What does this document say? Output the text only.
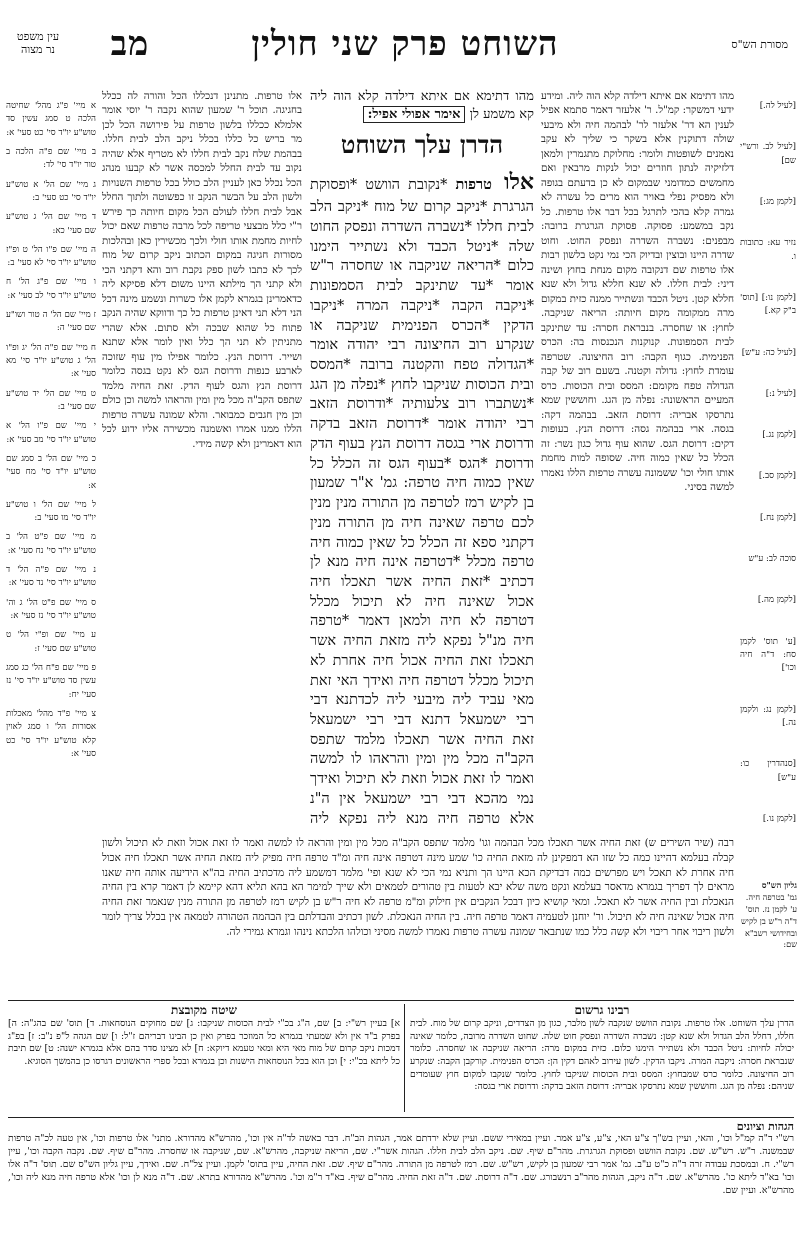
מסורת הש"ס
השוחט פרק שני חולין
מב
עין משפט נר מצוה
[לעיל לה.]
[לעיל לב. ורש"י שם]
[לקמן מג:]
נזיר עא: כתובות ו.
[לקמן נו:] [תוס' ב"ק קא.]
[לעיל כה: ע"ש]
[לעיל נ:]
[לקמן נג.]
[לקמן סב.]
[לקמן נח.]
סוכה לב: ע"ש
[לקמן מה.]
[ע' תוס' לקמן סח: ד"ה חיה וכו']
[לקמן נג: ולקמן נה.]
[סנהדרין כו: ע"ש]
[לקמן נו.]
מהו דתימא אם איתא דילדה קלא הוה ליה. ומידע ידעי דמשקר: קמ"ל. ר' אלעזר דאמר סתמא אפיל לענין הא דר' אלעזר לר' לבהמה חיה ולא מיבעי שולה דתוקנין אלא בשקר כי שליך לא עקב נאמנים לשופטות ולומר: מחלוקת מתגמרין ולמאן דלזיקיה לנתון חוזרים יכול לנקות מרבאין ואם מחמשים כמדומני שבמקום לא כן בדעתם בגופה ולא מפסיק נפלי באויר הוא מרים כל עשרה לא גמרה קלא בהכי לתרגל בכל דבר אלו טרפות. כל נקב במשמע: פסוקה. פסוקת הגרגרת ברובה: מבפנים: נשברה השדרה ונפסק החוט. וחוט שדרה היינו ובוצין ובדיוק הכי נמי נקט בלשון רבות אלו טרפות שם דנקובה מקום מנחת בחוץ ושינה דיני: לבית חללו. לא שנא חללא גדול ולא שנא חללא קטן. ניטל הכבד ונשתייר ממנה כזית במקום מרה ממקומה מקום חיותה: הריאה שניקבה. לחוץ: או שחסרה. בנבראת חסרה: עד שתינקב לבית הסמפונות. קנוקנות הנכנסות בה: הכרס הפנימית. כגוף הקבה: רוב החיצונה. שטרפה עומדת לחוץ: גדולה וקטנה. בשעם רוב של קבה הגדולה טפח מקומם: המסס ובית הכוסות. כרס המעיים הראשונה: נפלה מן הגג. וחוששין שמא נתרסקו אבריה: דרוסת הזאב. בבהמה דקה: בגסה. ארי בבהמה גסה: דרוסת הנץ. בעופות דקים: דרוסת הגס. שהוא עוף גדול כגון נשר: זה הכלל כל שאין כמוה חיה. שסופה למות מחמת אותו חולי וכו' ששמונה עשרה טרפות הללו נאמרו למשה בסיני.
מהו דתימא אם איתא דילדה קלא הוה ליה קא משמע לן אימר אפולי אפיל:
הדרן עלך השוחט
אלו טרפות *נקובת הוושט *ופסוקת הגרגרת *ניקב קרום של מוח *ניקב הלב לבית חללו *נשברה השדרה ונפסק החוט שלה *ניטל הכבד ולא נשתייר הימנו כלום *הריאה שניקבה או שחסרה ר"ש אומר *עד שתינקב לבית הסמפונות *ניקבה הקבה *ניקבה המרה *ניקבו הדקין *הכרס הפנימית שניקבה או שנקרע רוב החיצונה רבי יהודה אומר *הגדולה טפח והקטנה ברובה *המסס ובית הכוסות שניקבו לחוץ *נפלה מן הגג *נשתברו רוב צלעותיה *ודרוסת הזאב רבי יהודה אומר *דרוסת הזאב בדקה ודרוסת ארי בגסה דרוסת הנץ בעוף הדק ודרוסת *הגס *בעוף הגס זה הכלל כל שאין כמוה חיה טרפה: גמ' א"ר שמעון בן לקיש רמז לטרפה מן התורה מנין מנין לכם טרפה שאינה חיה מן התורה מנין דקתני ספא זה הכלל כל שאין כמוה חיה טרפה מכלל *דטרפה אינה חיה מנא לן דכתיב *זאת החיה אשר תאכלו חיה אכול שאינה חיה לא תיכול מכלל דטרפה לא חיה ולמאן דאמר *טרפה חיה מנ"ל נפקא ליה מזאת החיה אשר תאכלו זאת החיה אכול חיה אחרת לא תיכול מכלל דטרפה חיה ואידך האי זאת מאי עביד ליה מיבעי ליה לכדתנא דבי רבי ישמעאל דתנא דבי רבי ישמעאל זאת החיה אשר תאכלו מלמד שתפס הקב"ה מכל מין ומין והראהו לו למשה ואמר לו זאת אכול וזאת לא תיכול ואידך נמי מהכא דבי רבי ישמעאל אין ה"נ אלא טרפה חיה מנא ליה נפקא ליה
אלו טרפות. מתנינן דנכללו הכל והורה לה ככלל בחגיגה. תוכל ר' שמעון שהוא נקבה ר' יוסי אומר אלמלא ככללו בלשון טרפות על פירושה הכל לכן מר בריש כל כללו בכלל ניקב הלב לבית חללו. בבהמת שלח נקב לבית חללו לא מטריף אלא שהיה נקוב עד לבית החלל למכסה אשר לא קבעו מנהג הכל נכלל כאן לעניין הלב כולל בכל טרפות השנויות ולשון הלב על הבשר הנקב זו כפשוטה ולתוך החלל אבל לבית חללו לעולם הכל מקום חיותה כך פירש ר"י כלל מבצעי טריפה לכל מרבה טרפות שאם יכול לחיות מחמת אותו חולי ולכך מכשירין כאן ובהלכות מסורות חגיגה במקום הכתוב ניקב קרום של מוח לכך לא כתבו לשון ספק נקבת רוב והא דקתני הכי ולא קתני הך מילתא היינו משום דלא פסיקא ליה כדאמרינן בגמרא לקמן אלו כשרות ונשמע מינה דכל הני דלא תני דאינן טרפות כל כך ודווקא שהיה הנקב פתוח כל שהוא שבכה ולא סתום. אלא שהרי מתניתין לא תני הך כלל ואין לומר אלא שתנא ושייר. דרוסת הנץ. כלומר אפילו מין עוף שזוכה לארבע כנפות ודרוסת הגס לא נקט בגסה כלומר דרוסת הנץ והגס לעוף הדק. זאת החיה מלמד שתפס הקב"ה מכל מין ומין והראהו למשה וכן כולם וכן מין חגבים כמבואר. והלא שמונה עשרה טרפות הללו ממנו אמרו ואשמנה מכשירה אליו ידוע לכל הוא דאמרינן ולא קשה מידי.
א מיי' פ"ג מהל' שחיטה הלכה ט סמג עשין סד טוש"ע יו"ד סי' כט סעי' א:
ב מיי' שם פ"ה הלכה ב טור יו"ד סי' לד:
ג מיי' שם הל' א טוש"ע יו"ד סי' כט סעי' ב:
ד מיי' שם הל' ג טוש"ע שם סעי' כא:
ה מיי' שם פ"ו הל' ט ופ"ז טוש"ע יו"ד סי' לא סעי' ב:
ו מיי' שם פ"ג הל' ח טוש"ע יו"ד סי' לב סעי' א:
ז מיי' שם הל' ה טור ושו"ע שם סעי' ה:
ח מיי' שם פ"ה הל' יג ופ"ו הל' ג טוש"ע יו"ד סי' מא סעי' א:
ט מיי' שם הל' יד טוש"ע שם סעי' ב:
י מיי' שם פ"ו הל' א טוש"ע יו"ד סי' מב סעי' א:
כ מיי' שם הל' ב סמג שם טוש"ע יו"ד סי' מח סעי' א:
ל מיי' שם הל' ו טוש"ע יו"ד סי' מו סעי' ב:
מ מיי' שם פ"ט הל' ב טוש"ע יו"ד סי' נח סעי' א:
נ מיי' שם פ"ה הל' ד טוש"ע יו"ד סי' נד סעי' א:
ס מיי' שם פ"ט הל' ג וה' טוש"ע יו"ד סי' נז סעי' א:
ע מיי' שם ופ"י הל' ט טוש"ע שם סעי' ז:
פ מיי' שם פ"ח הל' כג סמג עשין סד טוש"ע יו"ד סי' נז סעי' יח:
צ מיי' פ"ד מהל' מאכלות אסורות הל' ו סמג לאוין קלא טוש"ע יו"ד סי' כט סעי' א:
רבה (שיר השירים ש) זאת החיה אשר תאכלו מכל הבהמה וגו' מלמד שתפס הקב"ה מכל מין ומין והראה לו למשה ואמר לו זאת אכול וזאת לא תיכול ולשון קבלה בעלמא דהיינו כמה כל שזו הא דמפקינן לה מזאת החיה כו' שמע מינה דטרפה אינה חיה ומ"ד טרפה חיה מפיק ליה מזאת החיה אשר תאכלו חיה אכול חיה אחרת לא תאכל ויש מפרשים כמה דבדיקת הכא היינו הך ותניא נמי הכי לא שנא ופי' מלמד דמשמע ליה מדכתיב החיה בה"א הידיעה אותה חיה שאנו מראים לך דפריך בגמרא מדאסר בעלמא ונקט משה שלא יבא לטעות בין טהורים לטמאים ולא שייך למימר הא בהא תליא דהא קיימא לן דאמר קרא בין החיה הנאכלת ובין החיה אשר לא תאכל. ומאי קושיא כיון דבכל הנקבים אין חילוק ומ"מ טרפה לא חיה ר"ש בן לקיש רמז לטרפה מן התורה מנין שנאמר זאת החיה חיה אכול שאינה חיה לא תיכול. ור' יוחנן לטעמיה דאמר טרפה חיה. בין החיה הנאכלת. לשון דכתיב והבדלתם בין הבהמה הטהורה לטמאה אין בכלל צריך לומר ולשון ריבוי אחר ריבוי ולא קשה כלל כמו שנתבאר שמונה עשרה טרפות נאמרו למשה מסיני וכולהו הלכתא נינהו וגמרא גמירי לה.
גליון הש"ס
גמ' בטרפה חיה. ע' לקמן נז. תוס' ד"ה ר"ש בן לקיש ובחידושי רשב"א שם:
רבינו גרשום
הדרן עלך השוחט. אלו טרפות. נקובת הוושט שנקבה לשון מלבר, כגון מן הצדדים, וניקב קרום של מוח. לבית חללו, דחלל הלב הגדול ולא שנא קטן: נשברה השדרה ונפסק חוט שלה. שחוט השדרה מרובה, כלומר שאינה יכולה לחיות: ניטל הכבד ולא נשתייר הימנו כלום. כזית במקום מרה: הריאה שניקבה או שחסרה. כלומר שנבראת חסרה: ניקבה המרה. ניקבו הדקין. לשון עירוב לאהם דקין הן: הכרס הפנימית. קורקבן הקבה: שנקרע רוב החיצונה. כלומר כרס שמבחוץ: המסס ובית הכוסות שניקבו לחוץ. כלומר שנקבו למקום חוץ שעומדים שניהם: נפלה מן הגג. וחוששין שמא נתרסקו אבריה: דרוסת הזאב בדקה: ודרוסת ארי בגסה:
שיטה מקובצת
א] בעיין רש"י: ב] שם, ה"ג בכ"י לבית הכוסות שניקבו: ג] שם מחוקים הנוסחאות. ד] תוס' שם בהג"ה: ה] בפרק ב"ד אין ולא שמעתי בגמרא כל המוזכר בפרק ואין כן הבינו דבריהם ז"ל: ו] שם הגהה ל"פ נ"ב: ז] בפ"ג דמכות ניקב קרום של מוח מאי היא ומאי טעמא דיוקא: ח] לא מצינו סדר בהם אלא בגמרא ישנה: ט] שם תיבת כל ליתא בכ"י: י] וכן הוא בכל הנוסחאות הישנות וכן בגמרא ובכל ספרי הראשונים דגרסו כן בהמשך הסוגיא.
הגהות וציונים
רש"י ד"ה קמ"ל וכו', והאי, ועיין בש"ך צ"ע האי, צ"ע, צ"ע אמר. ועיין במאירי ששם. ועיין שלא ירדתם אמר, הגהות הב"ח. דבר באשה לד"ה אין וכו', מהרש"א מהדורא. מתני' אלו טרפות וכו', אין טעה לכ"ה טרפות שבמשנה. ר"ש. רש"ש. שם. נקובת הוושט ופסוקת הגרגרת. מהר"ם שיף. שם. ניקב הלב לבית חללו. הגהות אשר"י. שם, הריאה שניקבה, מהרש"א. שם, שניקבה או שחסרה. מהר"ם שיף. שם. נקבה הקבה וכו', עיין רש"י. ח. ובמסכת עבודה זרה ד"ה כ"ט ע"ב. גמ' אמר רבי שמעון בן לקיש, רש"ש. שם. רמז לטרפה מן התורה. מהר"ם שיף. שם. זאת החיה, עיין בתוס' לקמן. ועיין צל"ח. שם. ואידך, עיין גליון הש"ס שם. תוס' ד"ה אלו וכו' בא"ד ליתא כו'. מהרש"א. שם. ד"ה ניקב, הגהות מהר"ב רנשבורג. שם. ד"ה דרוסת. שם. ד"ה זאת החיה. מהר"ם שיף. בא"ד ר"מ וכו'. מהרש"א מהדורא בתרא. שם. ד"ה מנא לן וכו' אלא טרפה חיה מנא ליה וכו', מהרש"א. ועיין שם.
